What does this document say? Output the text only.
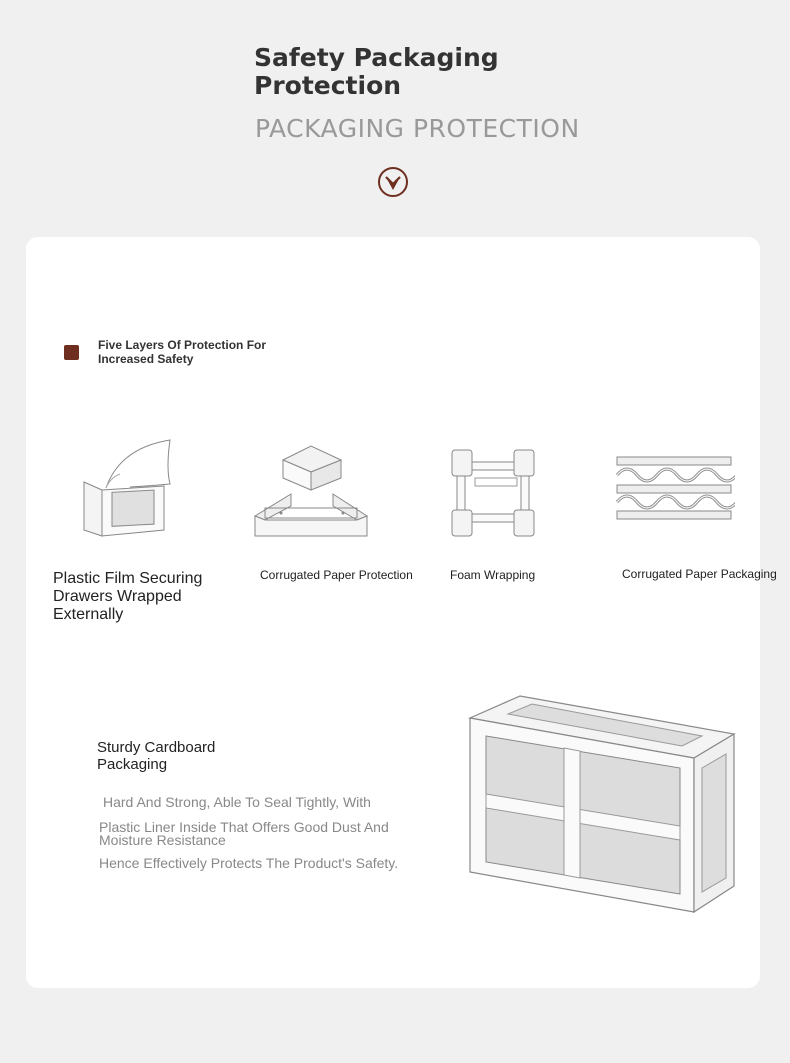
Safety Packaging Protection
PACKAGING PROTECTION
Five Layers Of Protection For Increased Safety
Plastic Film Securing Drawers Wrapped Externally
Corrugated Paper Protection	Foam Wrapping	Corrugated Paper Packaging
Sturdy Cardboard Packaging
Hard And Strong, Able To Seal Tightly, With
Plastic Liner Inside That Offers Good Dust And Moisture Resistance
Hence Effectively Protects The Product's Safety.
